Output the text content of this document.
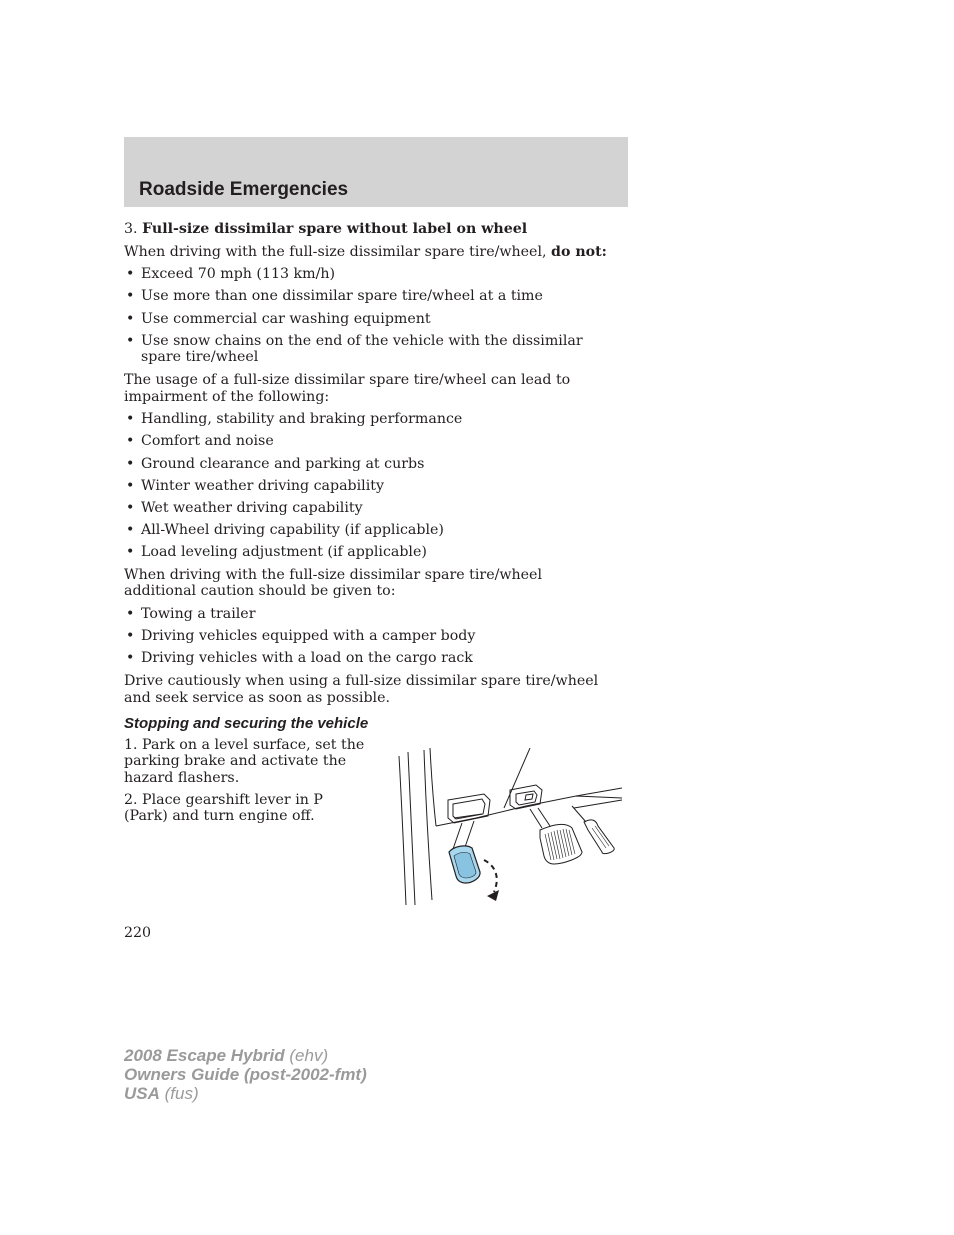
Roadside Emergencies

3. Full-size dissimilar spare without label on wheel

When driving with the full-size dissimilar spare tire/wheel, do not:

• Exceed 70 mph (113 km/h)
• Use more than one dissimilar spare tire/wheel at a time
• Use commercial car washing equipment
• Use snow chains on the end of the vehicle with the dissimilar spare tire/wheel

The usage of a full-size dissimilar spare tire/wheel can lead to impairment of the following:

• Handling, stability and braking performance
• Comfort and noise
• Ground clearance and parking at curbs
• Winter weather driving capability
• Wet weather driving capability
• All-Wheel driving capability (if applicable)
• Load leveling adjustment (if applicable)

When driving with the full-size dissimilar spare tire/wheel additional caution should be given to:

• Towing a trailer
• Driving vehicles equipped with a camper body
• Driving vehicles with a load on the cargo rack

Drive cautiously when using a full-size dissimilar spare tire/wheel and seek service as soon as possible.

Stopping and securing the vehicle

1. Park on a level surface, set the parking brake and activate the hazard flashers.

2. Place gearshift lever in P (Park) and turn engine off.

220
2008 Escape Hybrid (ehv)
Owners Guide (post-2002-fmt)
USA (fus)
